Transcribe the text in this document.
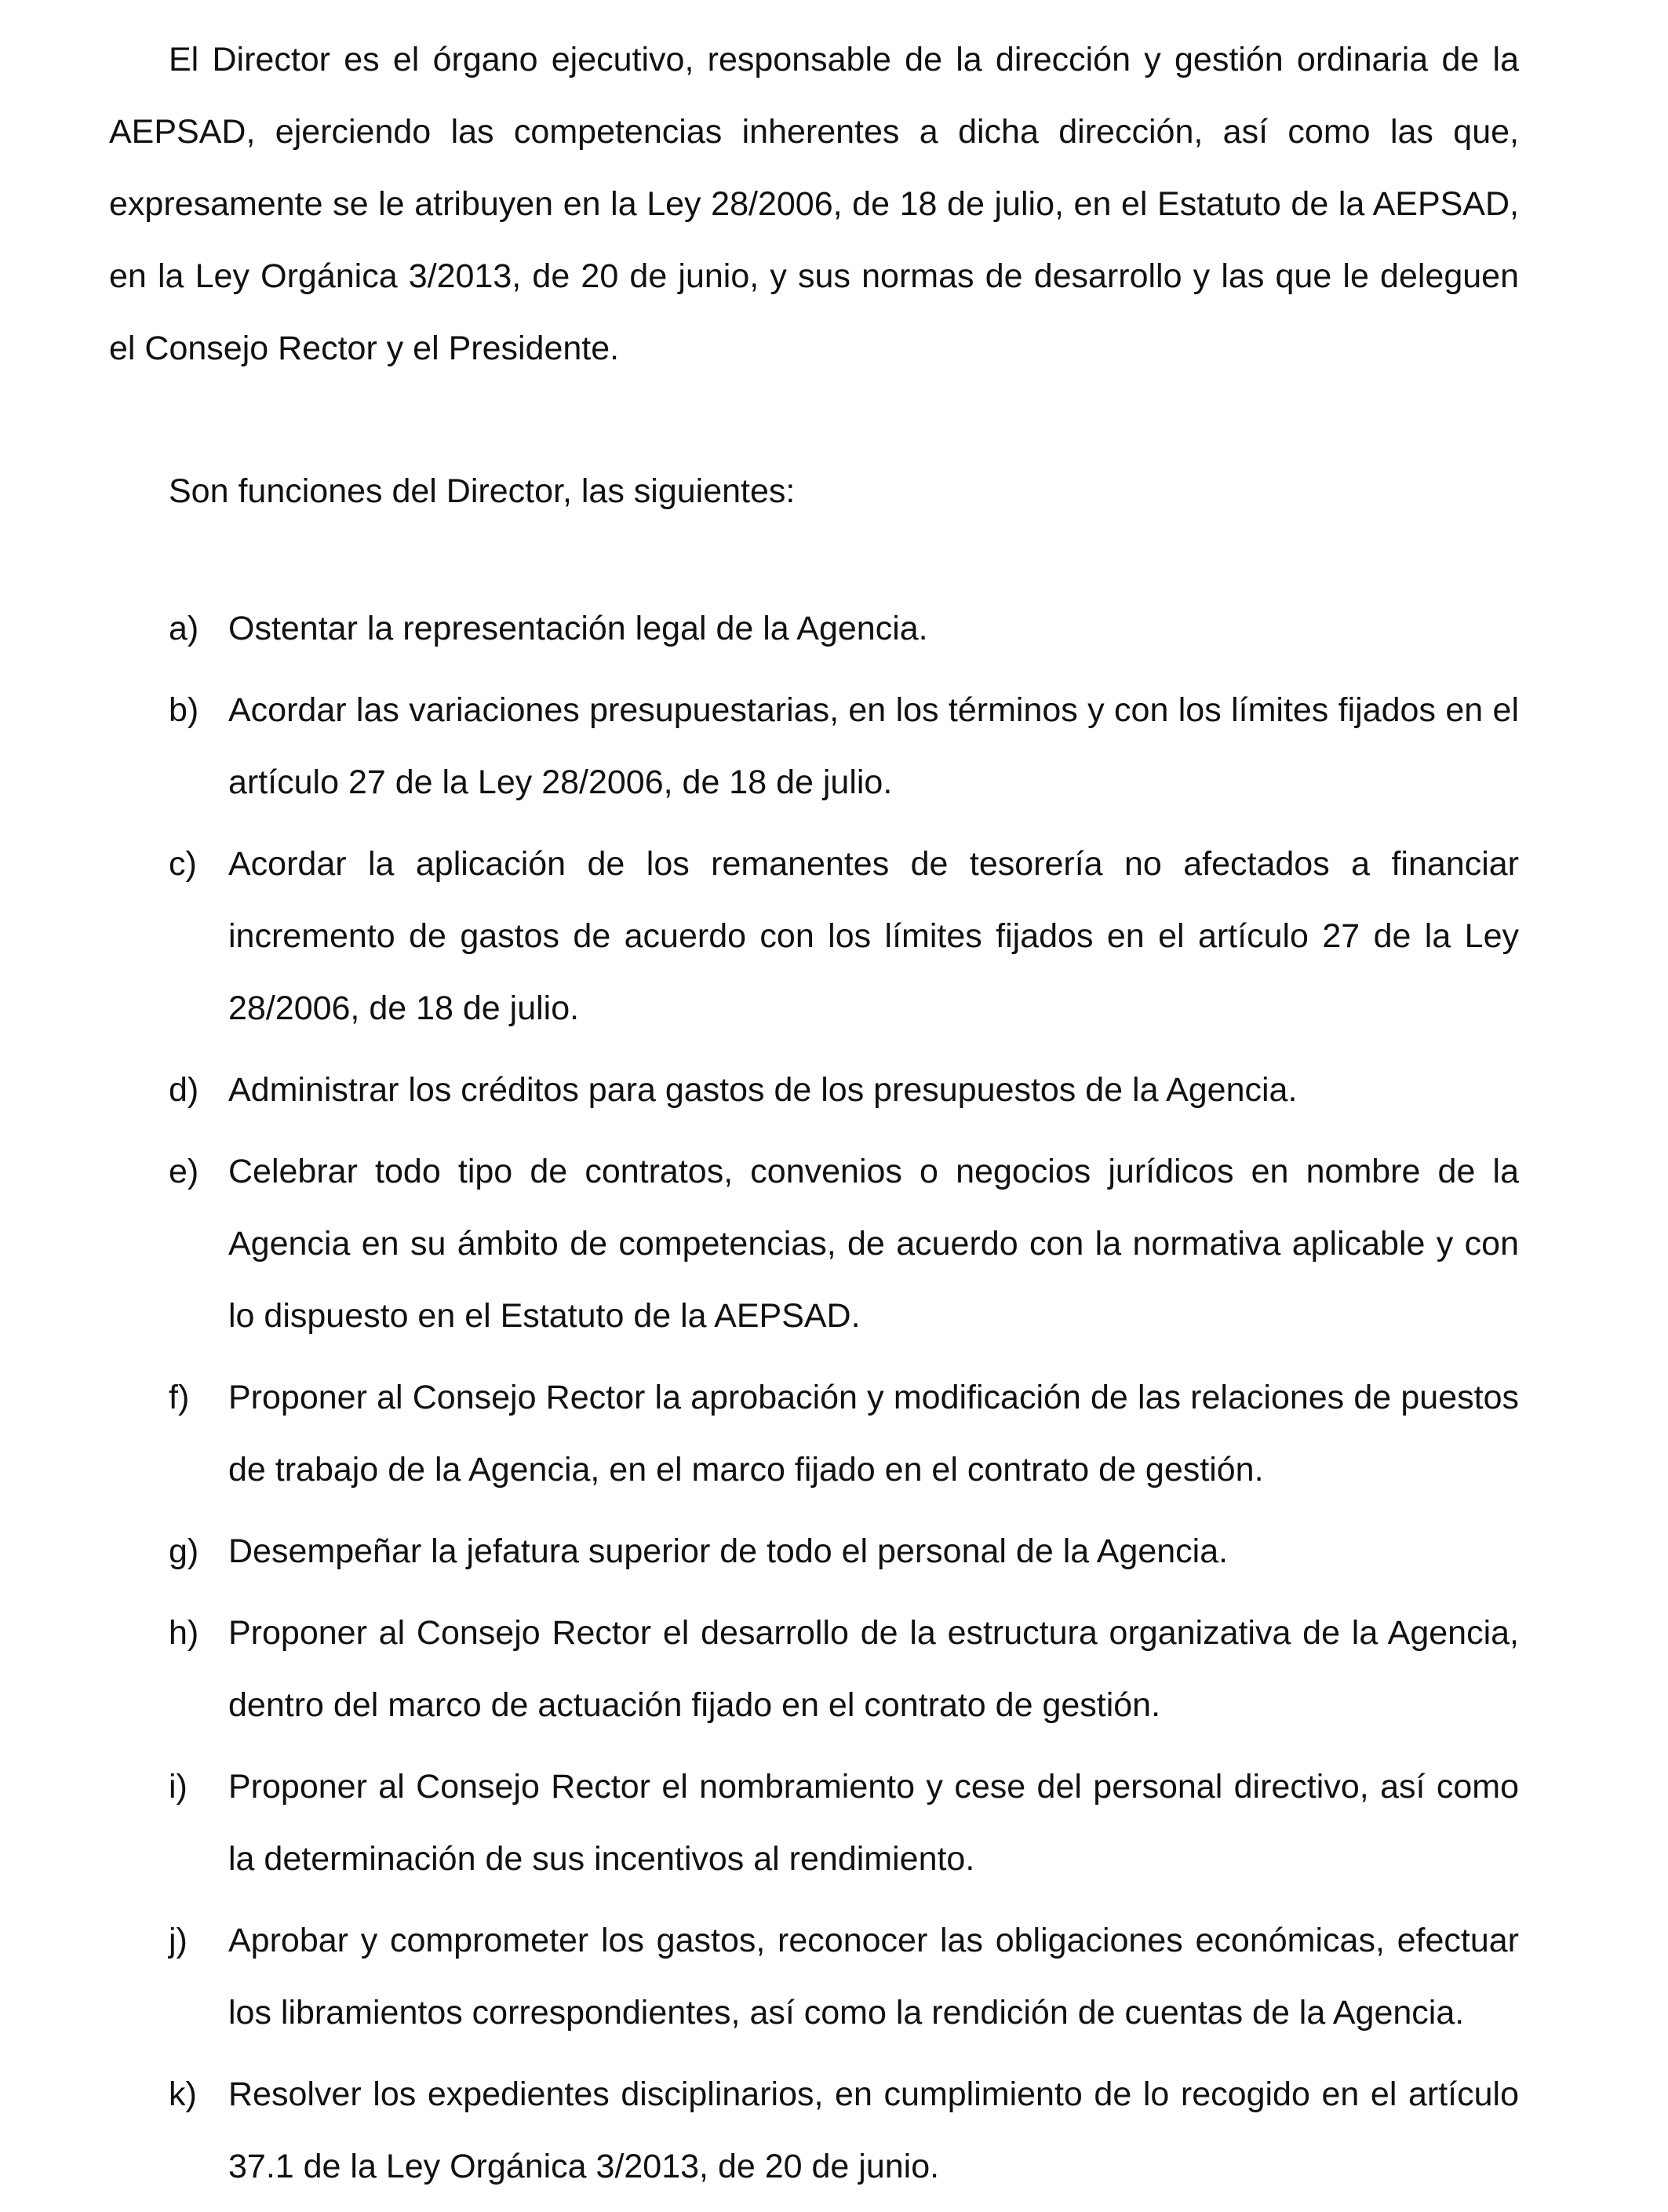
El Director es el órgano ejecutivo, responsable de la dirección y gestión ordinaria de la AEPSAD, ejerciendo las competencias inherentes a dicha dirección, así como las que, expresamente se le atribuyen en la Ley 28/2006, de 18 de julio, en el Estatuto de la AEPSAD, en la Ley Orgánica 3/2013, de 20 de junio, y sus normas de desarrollo y las que le deleguen el Consejo Rector y el Presidente.

Son funciones del Director, las siguientes:

a) Ostentar la representación legal de la Agencia.
b) Acordar las variaciones presupuestarias, en los términos y con los límites fijados en el artículo 27 de la Ley 28/2006, de 18 de julio.
c) Acordar la aplicación de los remanentes de tesorería no afectados a financiar incremento de gastos de acuerdo con los límites fijados en el artículo 27 de la Ley 28/2006, de 18 de julio.
d) Administrar los créditos para gastos de los presupuestos de la Agencia.
e) Celebrar todo tipo de contratos, convenios o negocios jurídicos en nombre de la Agencia en su ámbito de competencias, de acuerdo con la normativa aplicable y con lo dispuesto en el Estatuto de la AEPSAD.
f)	Proponer al Consejo Rector la aprobación y modificación de las relaciones de puestos de trabajo de la Agencia, en el marco fijado en el contrato de gestión.
g) Desempeñar la jefatura superior de todo el personal de la Agencia.
h) Proponer al Consejo Rector el desarrollo de la estructura organizativa de la Agencia, dentro del marco de actuación fijado en el contrato de gestión.
i)	Proponer al Consejo Rector el nombramiento y cese del personal directivo, así como la determinación de sus incentivos al rendimiento.
j)	Aprobar y comprometer los gastos, reconocer las obligaciones económicas, efectuar los libramientos correspondientes, así como la rendición de cuentas de la Agencia.
k) Resolver los expedientes disciplinarios, en cumplimiento de lo recogido en el artículo 37.1 de la Ley Orgánica 3/2013, de 20 de junio.
